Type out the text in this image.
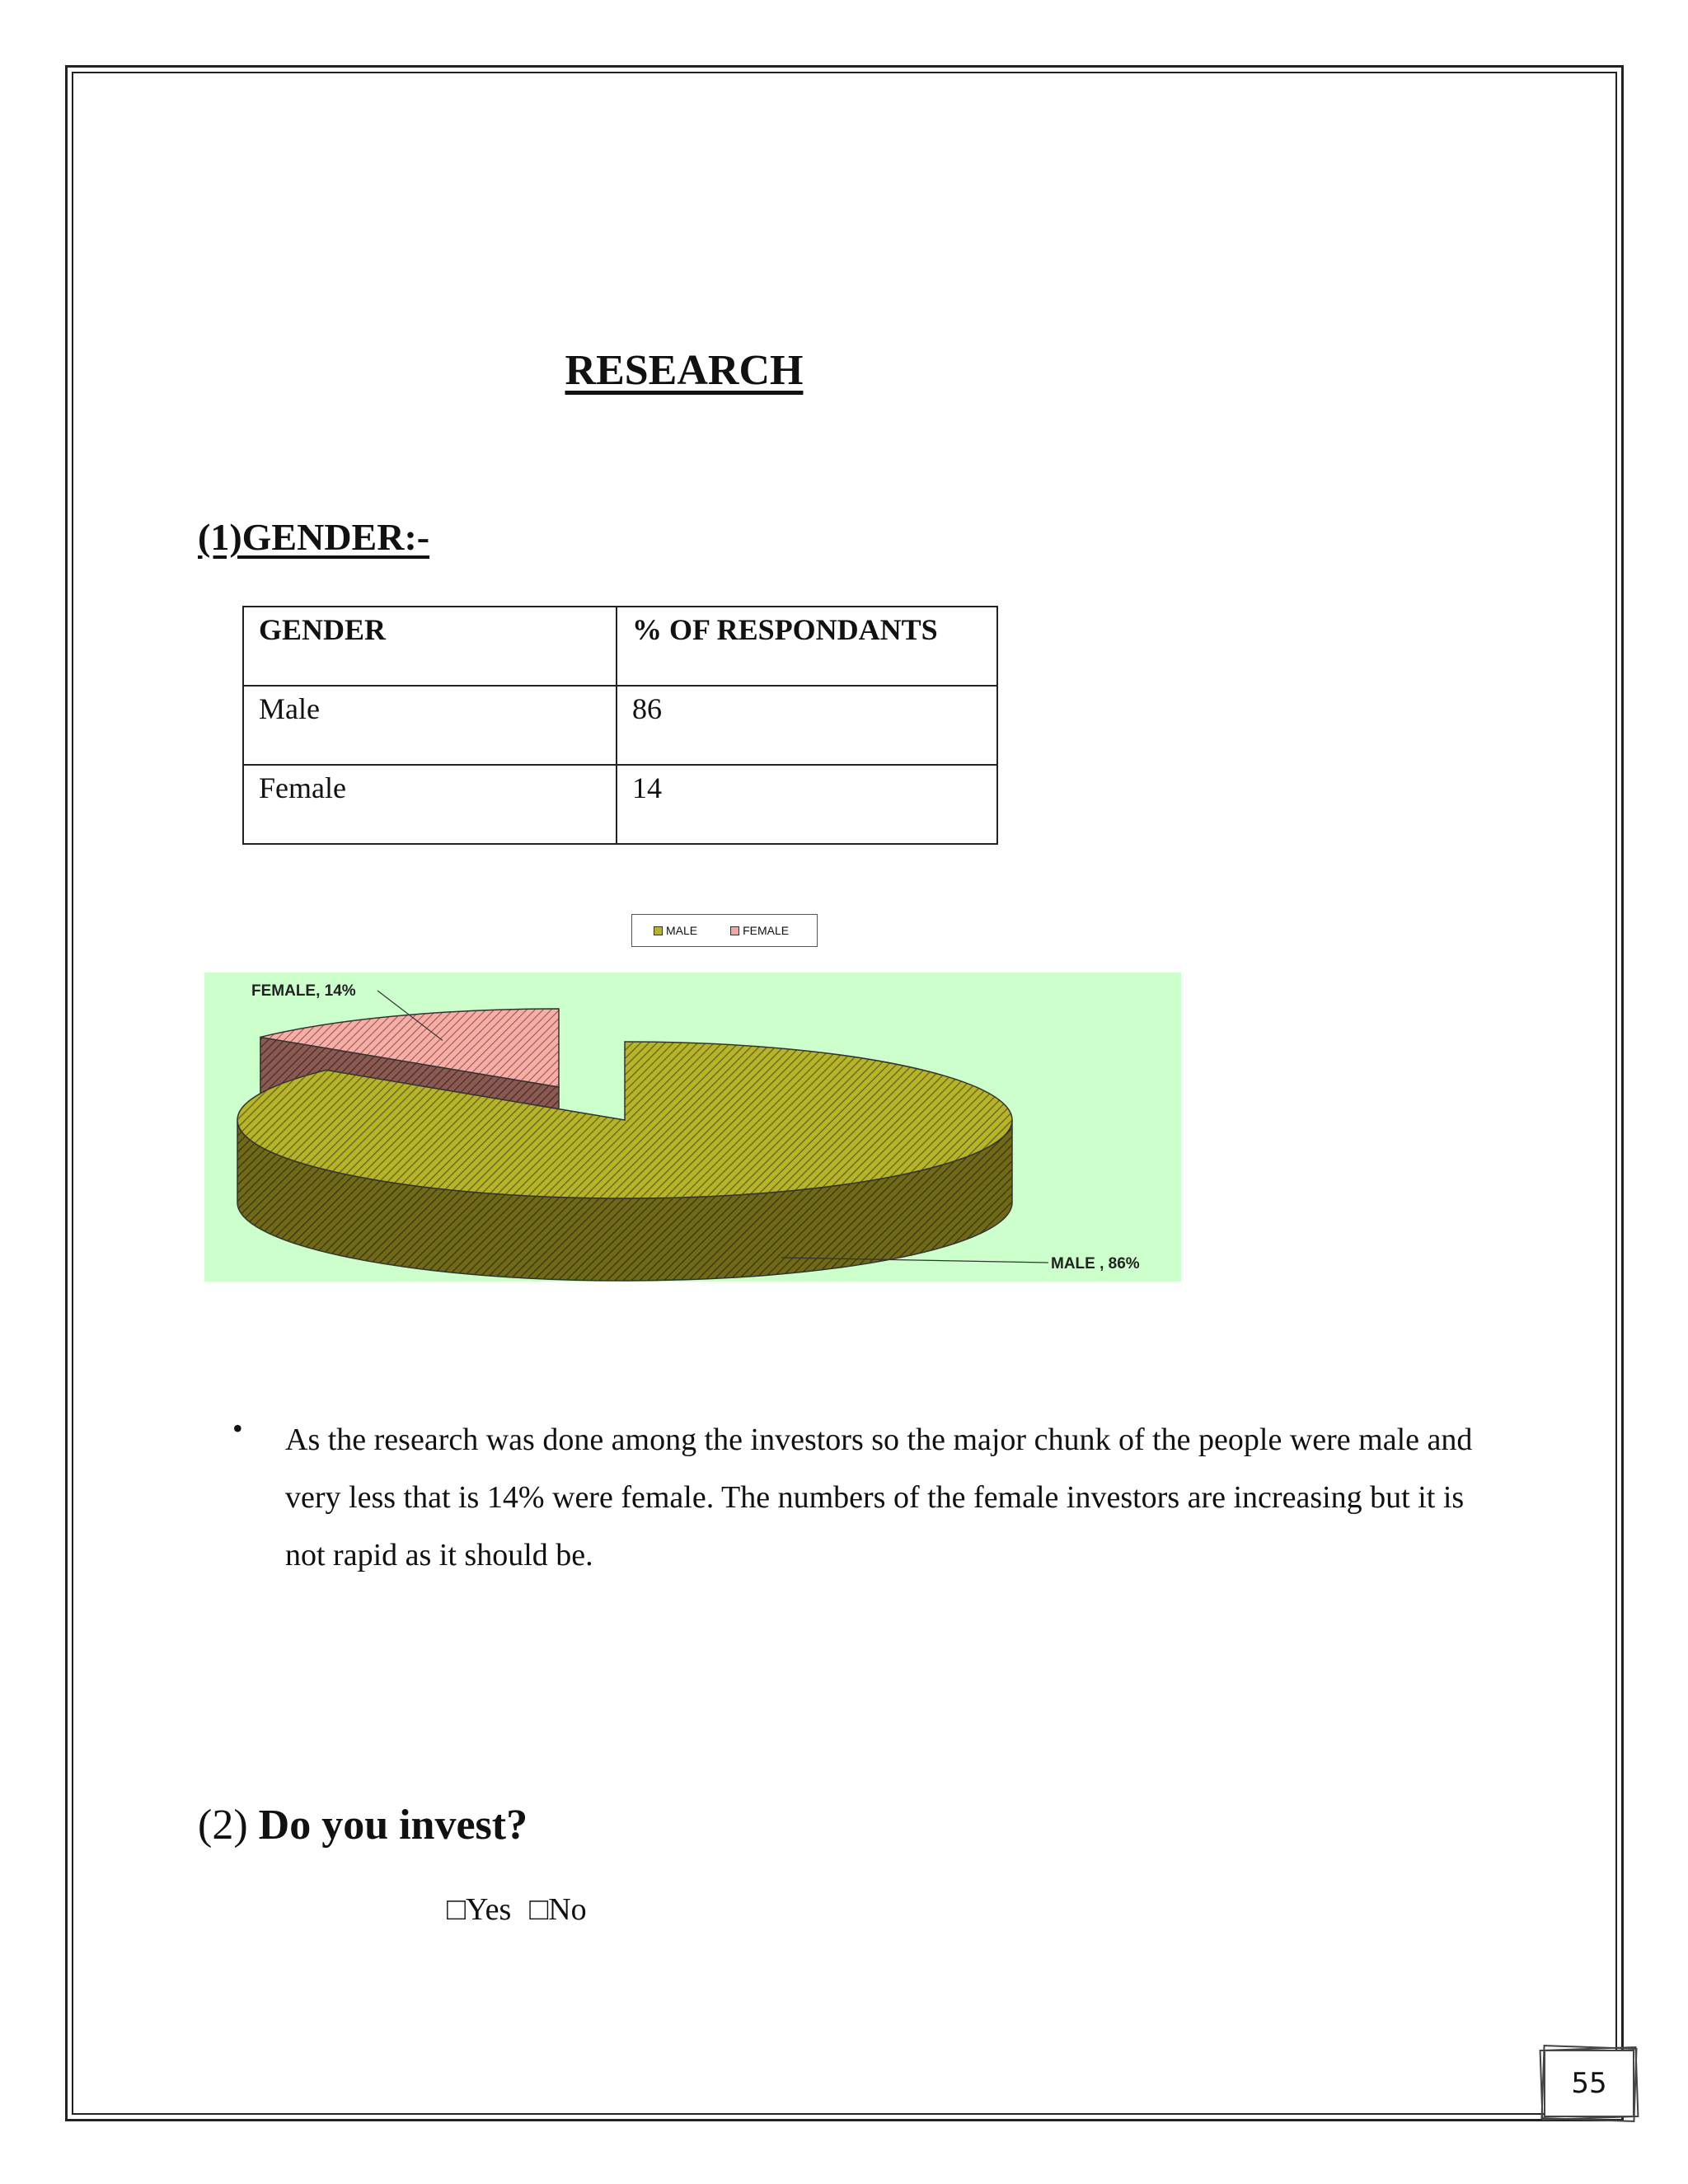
RESEARCH
(1)GENDER:-
GENDER	% OF RESPONDANTS
Male	86
Female	14
MALE	FEMALE
FEMALE, 14%
MALE , 86%
• As the research was done among the investors so the major chunk of the people were male and very less that is 14% were female. The numbers of the female investors are increasing but it is not rapid as it should be.
(2) Do you invest?
□Yes □No
55
